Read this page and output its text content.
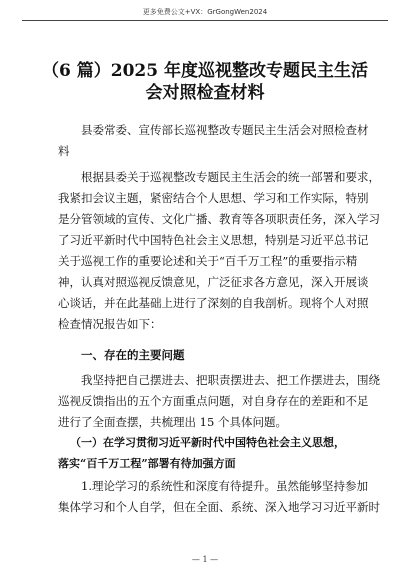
更多免费公文+VX：GrGongWen2024
（6 篇）2025 年度巡视整改专题民主生活
会对照检查材料
县委常委、宣传部长巡视整改专题民主生活会对照检查材
料
根据县委关于巡视整改专题民主生活会的统一部署和要求，
我紧扣会议主题，紧密结合个人思想、学习和工作实际，特别
是分管领域的宣传、文化广播、教育等各项职责任务，深入学习
了习近平新时代中国特色社会主义思想，特别是习近平总书记
关于巡视工作的重要论述和关于“百千万工程”的重要指示精
神，认真对照巡视反馈意见，广泛征求各方意见，深入开展谈
心谈话，并在此基础上进行了深刻的自我剖析。现将个人对照
检查情况报告如下：
一、存在的主要问题
我坚持把自己摆进去、把职责摆进去、把工作摆进去，围绕
巡视反馈指出的五个方面重点问题，对自身存在的差距和不足
进行了全面查摆，共梳理出 15 个具体问题。
（一）在学习贯彻习近平新时代中国特色社会主义思想，
落实“百千万工程”部署有待加强方面
1.理论学习的系统性和深度有待提升。虽然能够坚持参加
集体学习和个人自学，但在全面、系统、深入地学习习近平新时
— 1 —
